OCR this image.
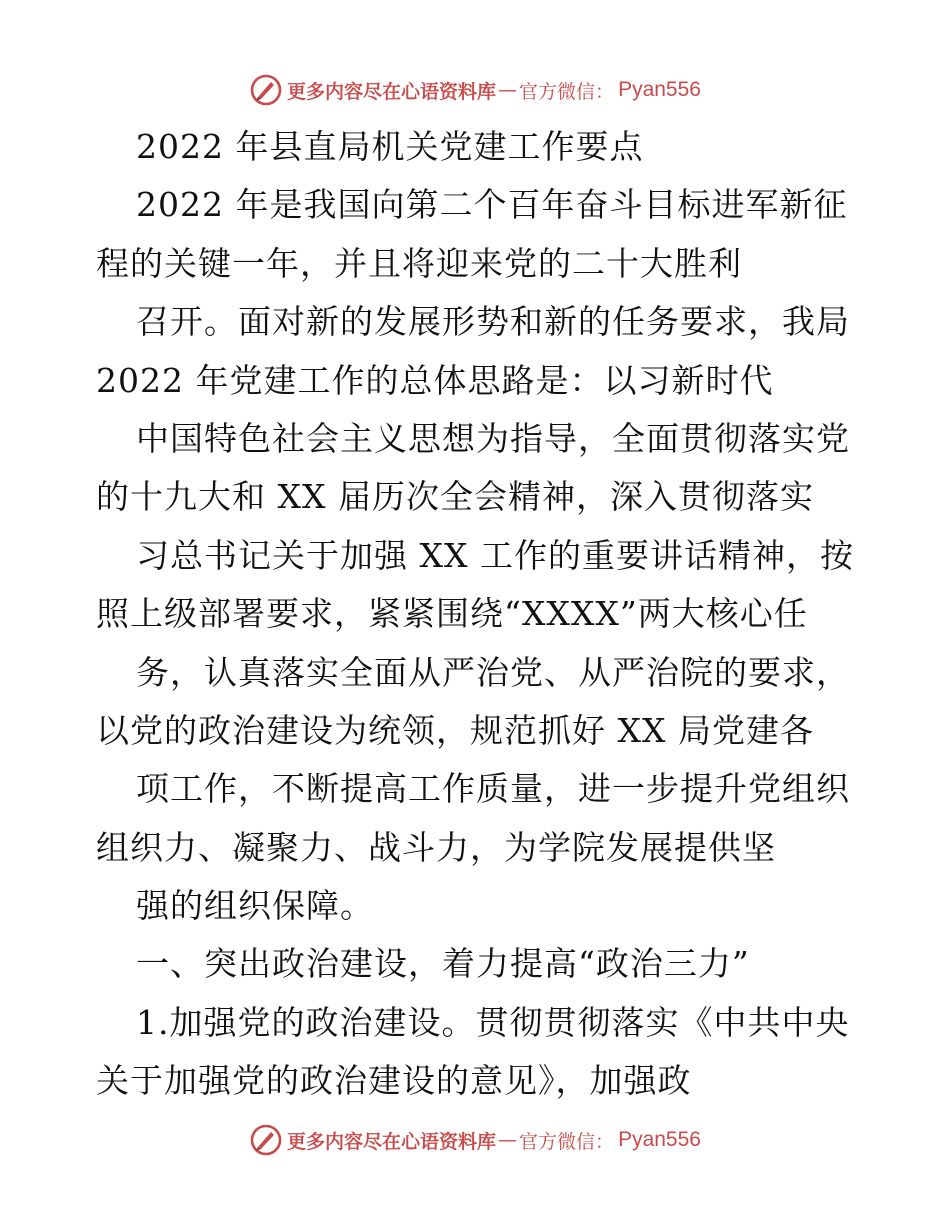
更多内容尽在心语资料库 — 官方微信： Pyan556
2022 年县直局机关党建工作要点
2022 年是我国向第二个百年奋斗目标进军新征
程的关键一年，并且将迎来党的二十大胜利
召开。面对新的发展形势和新的任务要求，我局
2022 年党建工作的总体思路是：以习新时代
中国特色社会主义思想为指导，全面贯彻落实党
的十九大和 XX 届历次全会精神，深入贯彻落实
习总书记关于加强 XX 工作的重要讲话精神，按
照上级部署要求，紧紧围绕“XXXX”两大核心任
务，认真落实全面从严治党、从严治院的要求，
以党的政治建设为统领，规范抓好 XX 局党建各
项工作，不断提高工作质量，进一步提升党组织
组织力、凝聚力、战斗力，为学院发展提供坚
强的组织保障。
一、突出政治建设，着力提高“政治三力”
1.加强党的政治建设。贯彻贯彻落实《中共中央
关于加强党的政治建设的意见》，加强政
更多内容尽在心语资料库 — 官方微信： Pyan556
